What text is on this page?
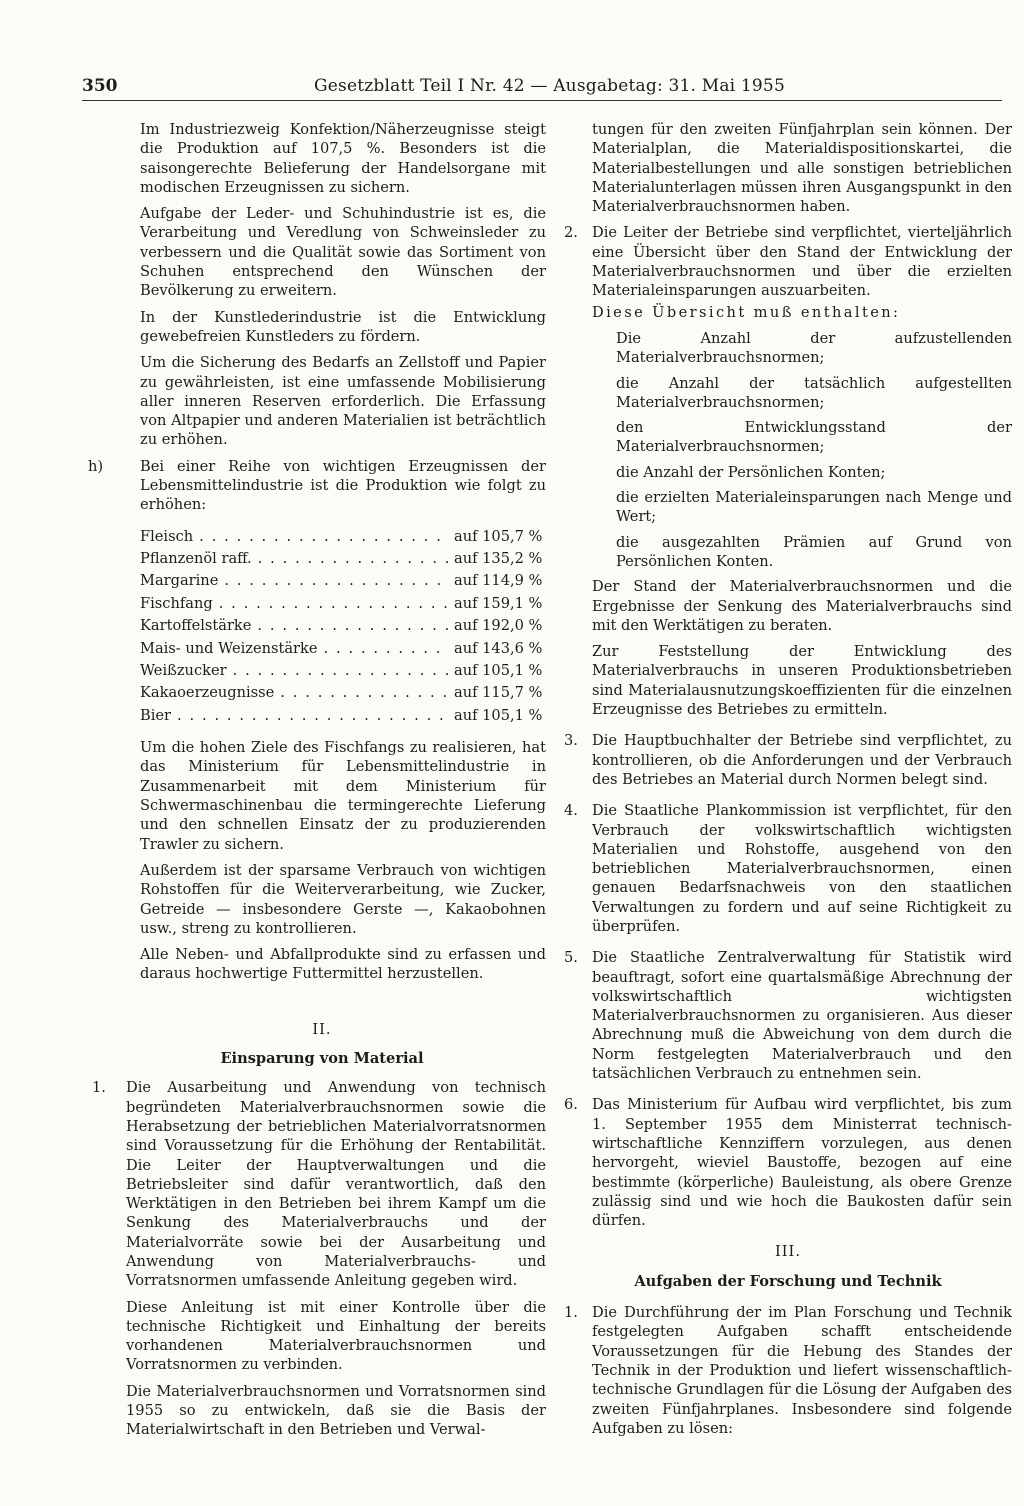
350	Gesetzblatt Teil I Nr. 42 — Ausgabetag: 31. Mai 1955

Im Industriezweig Konfektion/Näherzeugnisse steigt die Produktion auf 107,5 %. Besonders ist die saisongerechte Belieferung der Handelsorgane mit modischen Erzeugnissen zu sichern.

Aufgabe der Leder- und Schuhindustrie ist es, die Verarbeitung und Veredlung von Schweinsleder zu verbessern und die Qualität sowie das Sortiment von Schuhen entsprechend den Wünschen der Bevölkerung zu erweitern.

In der Kunstlederindustrie ist die Entwicklung gewebefreien Kunstleders zu fördern.

Um die Sicherung des Bedarfs an Zellstoff und Papier zu gewährleisten, ist eine umfassende Mobilisierung aller inneren Reserven erforderlich. Die Erfassung von Altpapier und anderen Materialien ist beträchtlich zu erhöhen.

h)	Bei einer Reihe von wichtigen Erzeugnissen der Lebensmittelindustrie ist die Produktion wie folgt zu erhöhen:

Fleisch . . .	auf 105,7 %
Pflanzenöl raff. . . .	auf 135,2 %
Margarine . . .	auf 114,9 %
Fischfang . . .	auf 159,1 %
Kartoffelstärke . . .	auf 192,0 %
Mais- und Weizenstärke . . .	auf 143,6 %
Weißzucker . . .	auf 105,1 %
Kakaoerzeugnisse . . .	auf 115,7 %
Bier . . .	auf 105,1 %

Um die hohen Ziele des Fischfangs zu realisieren, hat das Ministerium für Lebensmittelindustrie in Zusammenarbeit mit dem Ministerium für Schwermaschinenbau die termingerechte Lieferung und den schnellen Einsatz der zu produzierenden Trawler zu sichern.

Außerdem ist der sparsame Verbrauch von wichtigen Rohstoffen für die Weiterverarbeitung, wie Zucker, Getreide — insbesondere Gerste —, Kakaobohnen usw., streng zu kontrollieren.

Alle Neben- und Abfallprodukte sind zu erfassen und daraus hochwertige Futtermittel herzustellen.

II.
Einsparung von Material
1. Die Ausarbeitung und Anwendung von technisch begründeten Materialverbrauchsnormen sowie die Herabsetzung der betrieblichen Materialvorratsnormen sind Voraussetzung für die Erhöhung der Rentabilität. Die Leiter der Hauptverwaltungen und die Betriebsleiter sind dafür verantwortlich, daß den Werktätigen in den Betrieben bei ihrem Kampf um die Senkung des Materialverbrauchs und der Materialvorräte sowie bei der Ausarbeitung und Anwendung von Materialverbrauchs- und Vorratsnormen umfassende Anleitung gegeben wird.

Diese Anleitung ist mit einer Kontrolle über die technische Richtigkeit und Einhaltung der bereits vorhandenen Materialverbrauchsnormen und Vorratsnormen zu verbinden.

Die Materialverbrauchsnormen und Vorratsnormen sind 1955 so zu entwickeln, daß sie die Basis der Materialwirtschaft in den Betrieben und Verwal-

tungen für den zweiten Fünfjahrplan sein können. Der Materialplan, die Materialdispositionskartei, die Materialbestellungen und alle sonstigen betrieblichen Materialunterlagen müssen ihren Ausgangspunkt in den Materialverbrauchsnormen haben.

2. Die Leiter der Betriebe sind verpflichtet, vierteljährlich eine Übersicht über den Stand der Entwicklung der Materialverbrauchsnormen und über die erzielten Materialeinsparungen auszuarbeiten.

Diese Übersicht muß enthalten:

Die Anzahl der aufzustellenden Materialverbrauchsnormen;

die Anzahl der tatsächlich aufgestellten Materialverbrauchsnormen;

den Entwicklungsstand der Materialverbrauchsnormen;

die Anzahl der Persönlichen Konten;

die erzielten Materialeinsparungen nach Menge und Wert;

die ausgezahlten Prämien auf Grund von Persönlichen Konten.

Der Stand der Materialverbrauchsnormen und die Ergebnisse der Senkung des Materialverbrauchs sind mit den Werktätigen zu beraten.

Zur Feststellung der Entwicklung des Materialverbrauchs in unseren Produktionsbetrieben sind Materialausnutzungskoeffizienten für die einzelnen Erzeugnisse des Betriebes zu ermitteln.

3. Die Hauptbuchhalter der Betriebe sind verpflichtet, zu kontrollieren, ob die Anforderungen und der Verbrauch des Betriebes an Material durch Normen belegt sind.

4. Die Staatliche Plankommission ist verpflichtet, für den Verbrauch der volkswirtschaftlich wichtigsten Materialien und Rohstoffe, ausgehend von den betrieblichen Materialverbrauchsnormen, einen genauen Bedarfsnachweis von den staatlichen Verwaltungen zu fordern und auf seine Richtigkeit zu überprüfen.

5. Die Staatliche Zentralverwaltung für Statistik wird beauftragt, sofort eine quartalsmäßige Abrechnung der volkswirtschaftlich wichtigsten Materialverbrauchsnormen zu organisieren. Aus dieser Abrechnung muß die Abweichung von dem durch die Norm festgelegten Materialverbrauch und den tatsächlichen Verbrauch zu entnehmen sein.

6. Das Ministerium für Aufbau wird verpflichtet, bis zum 1. September 1955 dem Ministerrat technisch-wirtschaftliche Kennziffern vorzulegen, aus denen hervorgeht, wieviel Baustoffe, bezogen auf eine bestimmte (körperliche) Bauleistung, als obere Grenze zulässig sind und wie hoch die Baukosten dafür sein dürfen.

III.
Aufgaben der Forschung und Technik
1. Die Durchführung der im Plan Forschung und Technik festgelegten Aufgaben schafft entscheidende Voraussetzungen für die Hebung des Standes der Technik in der Produktion und liefert wissenschaftlich-technische Grundlagen für die Lösung der Aufgaben des zweiten Fünfjahrplanes. Insbesondere sind folgende Aufgaben zu lösen:
